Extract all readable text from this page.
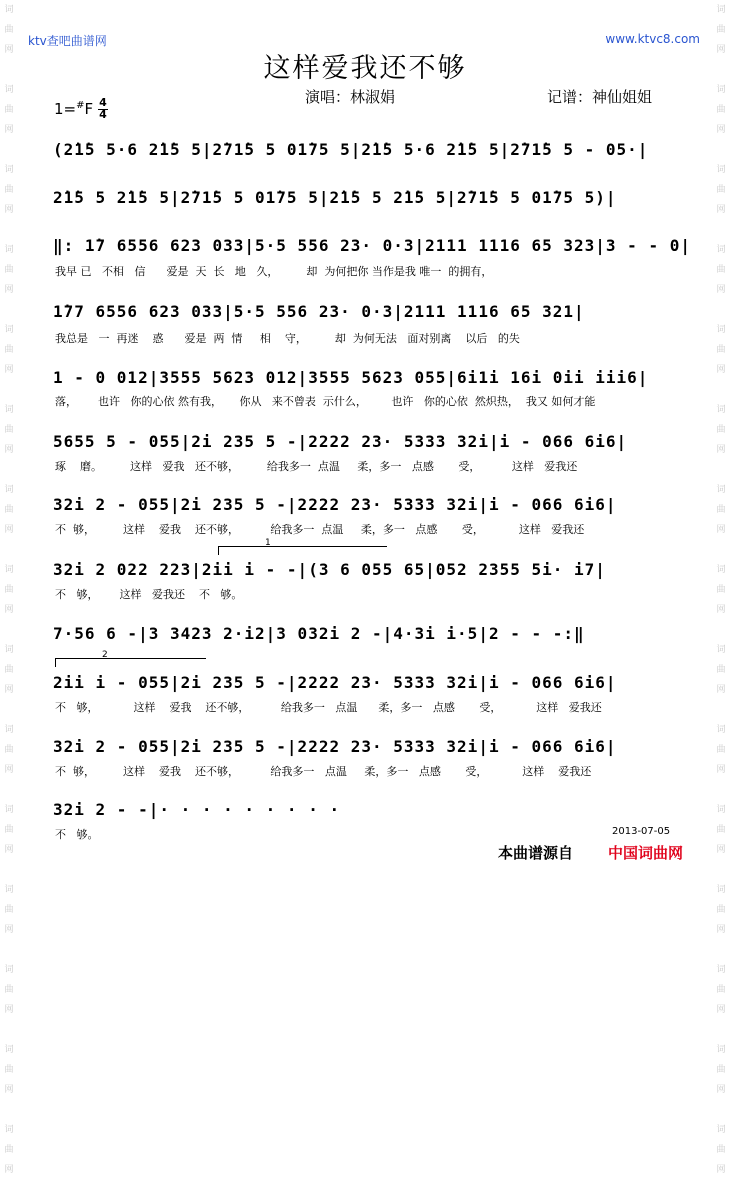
词
曲
网

词
曲
网

词
曲
网

词
曲
网

词
曲
网

词
曲
网

词
曲
网

词
曲
网

词
曲
网

词
曲
网

词
曲
网

词
曲
网

词
曲
网

词
曲
网

词
曲
网

词
曲
网

词
曲
网

词
曲
网

词
曲
网

词
曲
网

词
曲
网

词
曲
网

词
曲
网

词
曲
网

词
曲
网

词
曲
网

词
曲
网

词
曲
网

词
曲
网

词
曲
网

ktv查吧曲谱网	www.ktvc8.com
这样爱我还不够
演唱：林淑娟	记谱：神仙姐姐
1=#F 4
4
(2̇1̇5 5·6 2̇1̇5 5|2̇71̇5 5 01̇75 5|2̇1̇5 5·6 2̇1̇5 5|2̇71̇5 5 - 05·|
2̇1̇5 5 2̇1̇5 5|2̇71̇5 5 01̇75 5|2̇1̇5 5 2̇1̇5 5|2̇71̇5 5 01̇75 5)|
‖: 1̇7 6556 623 033|5·5 556 23· 0·3|2111 1116 65 323|3 - - 0|
我早 已   不相   信      爱是  天  长   地   久，        却  为何把你 当作是我 唯一  的拥有，
1̇77 6556 623 033|5·5 556 23· 0·3|2111 1116 65 321|
我总是   一  再迷    惑      爱是  两  情     相    守，        却  为何无法   面对别离    以后   的失
1 - 0 012|3555 5623 012|3555 5623 055|6i1i 16i 0ii iii6|
落，      也许   你的心依 然有我，     你从   来不曾表  示什么，       也许   你的心依  然炽热，  我又 如何才能
5655 5 - 055|2i 235 5 -|2222 23· 5333 32i|i - 066 6i6|
琢    磨。        这样   爱我   还不够，        给我多一  点温     柔，多一   点感       受，         这样   爱我还
32i 2 - 055|2i 235 5 -|2222 23· 5333 32i|i - 066 6i6|
不  够，        这样    爱我    还不够，         给我多一  点温     柔，多一   点感       受，          这样   爱我还
1
32i 2 022 223|2ii i - -|(3 6 055 65|052 2355 5i· i7|
不   够，      这样   爱我还    不   够。
7·56 6 -|3 3423 2·i2|3 032i 2 -|4·3i i·5|2 - - -:‖
2
2ii i - 055|2i 235 5 -|2222 23· 5333 32i|i - 066 6i6|
不   够，          这样    爱我    还不够，         给我多一   点温      柔，多一   点感       受，          这样   爱我还
32i 2 - 055|2i 235 5 -|2222 23· 5333 32i|i - 066 6i6|
不  够，        这样    爱我    还不够，         给我多一   点温     柔，多一   点感       受，          这样    爱我还
32i 2 - -|· · · · · · · · ·
不   够。	2013-07-05
本曲谱源自 中国词曲网
